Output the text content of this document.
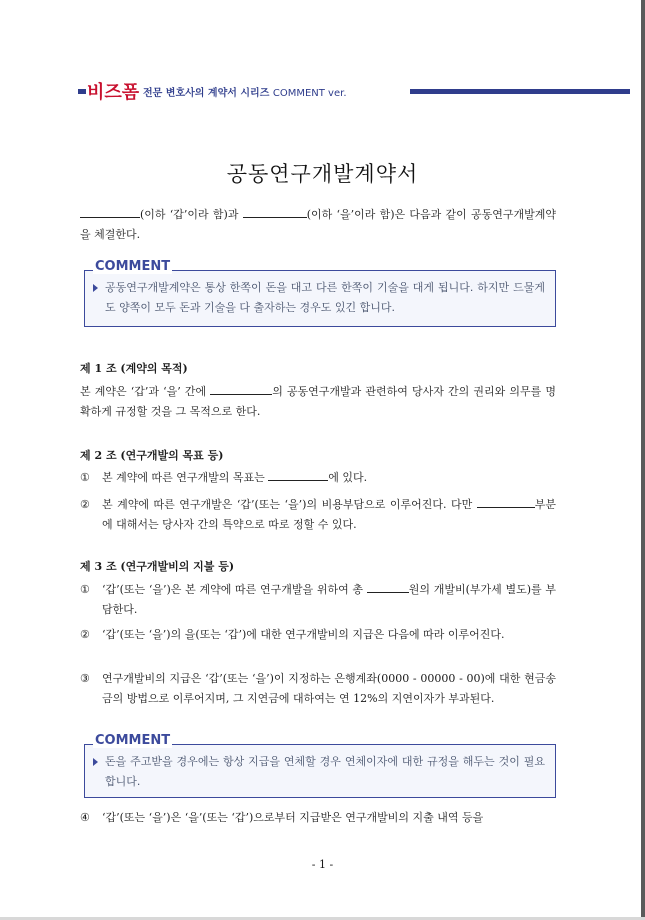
비즈폼 전문 변호사의 계약서 시리즈 COMMENT ver.
공동연구개발계약서
(이하 ‘갑’이라 함)과	(이하 ‘을’이라 함)은 다음과 같이 공동연구개발계약을 체결한다.
COMMENT
공동연구개발계약은 통상 한쪽이 돈을 대고 다른 한쪽이 기술을 대게 됩니다. 하지만 드물게도 양쪽이 모두 돈과 기술을 다 출자하는 경우도 있긴 합니다.
제 1 조 (계약의 목적)
본 계약은 ‘갑’과 ‘을’ 간에	의 공동연구개발과 관련하여 당사자 간의 권리와 의무를 명확하게 규정할 것을 그 목적으로 한다.
제 2 조 (연구개발의 목표 등)
①	본 계약에 따른 연구개발의 목표는	에 있다.
②	본 계약에 따른 연구개발은 ‘갑’(또는 ‘을’)의 비용부담으로 이루어진다. 다만	부분에 대해서는 당사자 간의 특약으로 따로 정할 수 있다.
제 3 조 (연구개발비의 지불 등)
①	‘갑’(또는 ‘을’)은 본 계약에 따른 연구개발을 위하여 총	원의 개발비(부가세 별도)를 부담한다.
②	‘갑’(또는 ‘을’)의 을(또는 ‘갑’)에 대한 연구개발비의 지급은 다음에 따라 이루어진다.
③	연구개발비의 지급은 ‘갑’(또는 ‘을’)이 지정하는 은행계좌(0000 - 00000 - 00)에 대한 현금송금의 방법으로 이루어지며, 그 지연금에 대하여는 연 12%의 지연이자가 부과된다.
COMMENT
돈을 주고받을 경우에는 항상 지급을 연체할 경우 연체이자에 대한 규정을 해두는 것이 필요합니다.
④	‘갑’(또는 ‘을’)은 ‘을’(또는 ‘갑’)으로부터 지급받은 연구개발비의 지출 내역 등을
- 1 -
